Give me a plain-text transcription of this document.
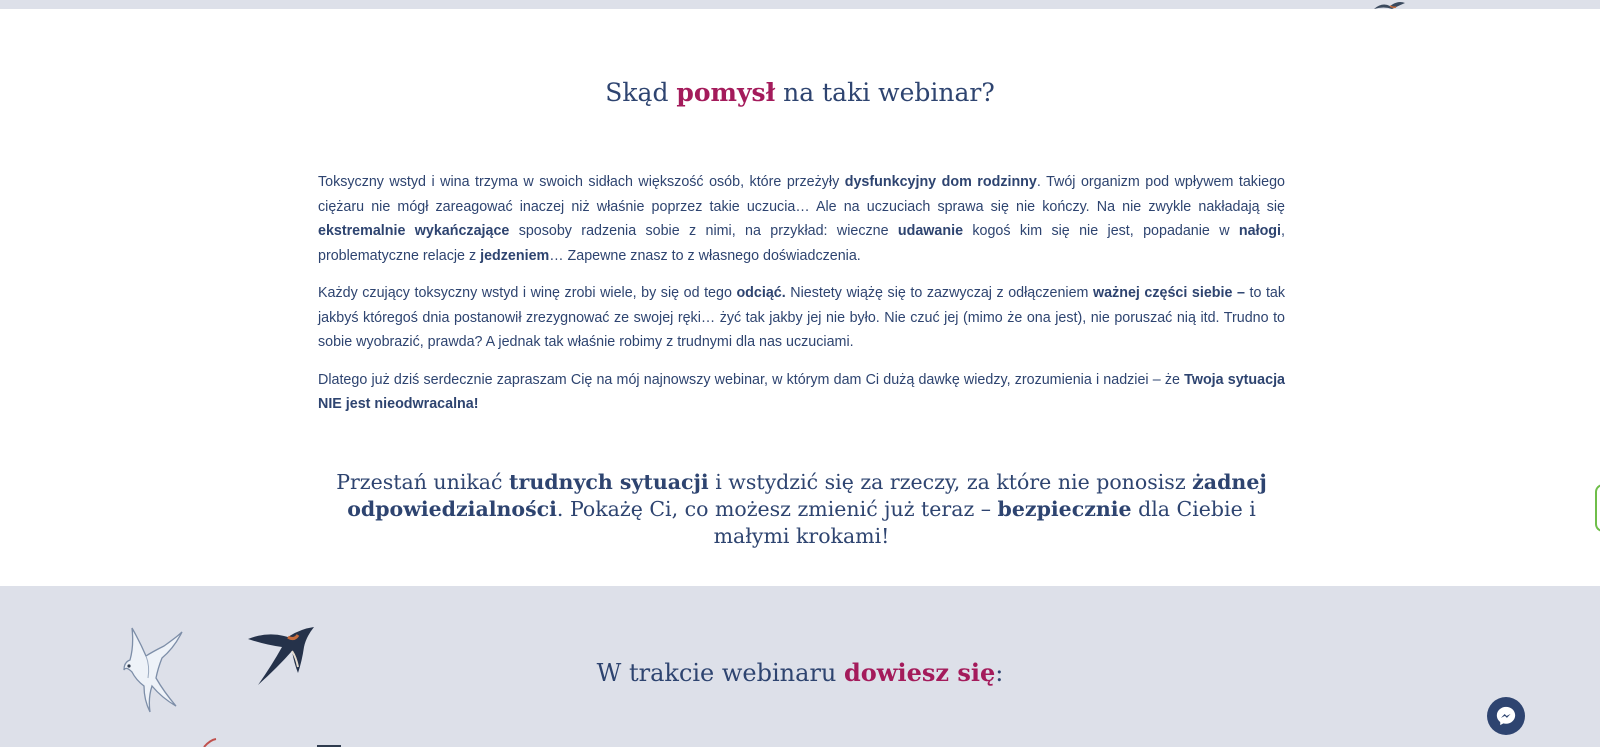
Skąd pomysł na taki webinar?

Toksyczny wstyd i wina trzyma w swoich sidłach większość osób, które przeżyły dysfunkcyjny dom rodzinny. Twój organizm pod wpływem takiego ciężaru nie mógł zareagować inaczej niż właśnie poprzez takie uczucia… Ale na uczuciach sprawa się nie kończy. Na nie zwykle nakładają się ekstremalnie wykańczające sposoby radzenia sobie z nimi, na przykład: wieczne udawanie kogoś kim się nie jest, popadanie w nałogi, problematyczne relacje z jedzeniem… Zapewne znasz to z własnego doświadczenia.

Każdy czujący toksyczny wstyd i winę zrobi wiele, by się od tego odciąć. Niestety wiążę się to zazwyczaj z odłączeniem ważnej części siebie – to tak jakbyś któregoś dnia postanowił zrezygnować ze swojej ręki… żyć tak jakby jej nie było. Nie czuć jej (mimo że ona jest), nie poruszać nią itd. Trudno to sobie wyobrazić, prawda? A jednak tak właśnie robimy z trudnymi dla nas uczuciami.

Dlatego już dziś serdecznie zapraszam Cię na mój najnowszy webinar, w którym dam Ci dużą dawkę wiedzy, zrozumienia i nadziei – że Twoja sytuacja NIE jest nieodwracalna!

Przestań unikać trudnych sytuacji i wstydzić się za rzeczy, za które nie ponosisz żadnej odpowiedzialności. Pokażę Ci, co możesz zmienić już teraz – bezpiecznie dla Ciebie i małymi krokami!
W trakcie webinaru dowiesz się:
